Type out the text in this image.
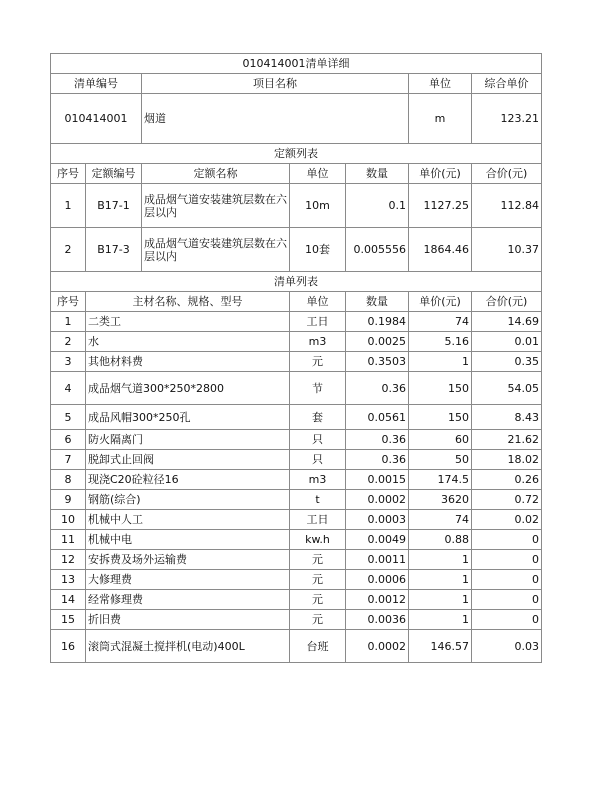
010414001清单详细						
清单编号		项目名称			单位	综合单价
010414001		烟道			m	123.21
定额列表						
序号	定额编号	定额名称	单位	数量	单价(元)	合价(元)
1	B17-1	成品烟气道安装建筑层数在六层以内	10m	0.1	1127.25	112.84
2	B17-3	成品烟气道安装建筑层数在六层以内	10套	0.005556	1864.46	10.37
清单列表						
序号	主材名称、规格、型号		单位	数量	单价(元)	合价(元)
1	二类工		工日	0.1984	74	14.69
2	水		m3	0.0025	5.16	0.01
3	其他材料费		元	0.3503	1	0.35
4	成品烟气道300*250*2800		节	0.36	150	54.05
5	成品风帽300*250孔		套	0.0561	150	8.43
6	防火隔离门		只	0.36	60	21.62
7	脱卸式止回阀		只	0.36	50	18.02
8	现浇C20砼粒径16		m3	0.0015	174.5	0.26
9	钢筋(综合)		t	0.0002	3620	0.72
10	机械中人工		工日	0.0003	74	0.02
11	机械中电		kw.h	0.0049	0.88	0
12	安拆费及场外运输费		元	0.0011	1	0
13	大修理费		元	0.0006	1	0
14	经常修理费		元	0.0012	1	0
15	折旧费		元	0.0036	1	0
16	滚筒式混凝土搅拌机(电动)400L		台班	0.0002	146.57	0.03
